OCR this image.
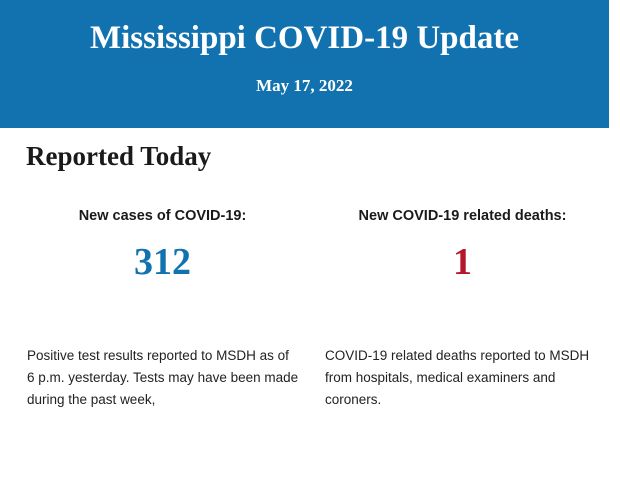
Mississippi COVID-19 Update
May 17, 2022
Reported Today
New cases of COVID-19:
312
New COVID-19 related deaths:
1
Positive test results reported to MSDH as of 6 p.m. yesterday. Tests may have been made during the past week,
COVID-19 related deaths reported to MSDH from hospitals, medical examiners and coroners.
